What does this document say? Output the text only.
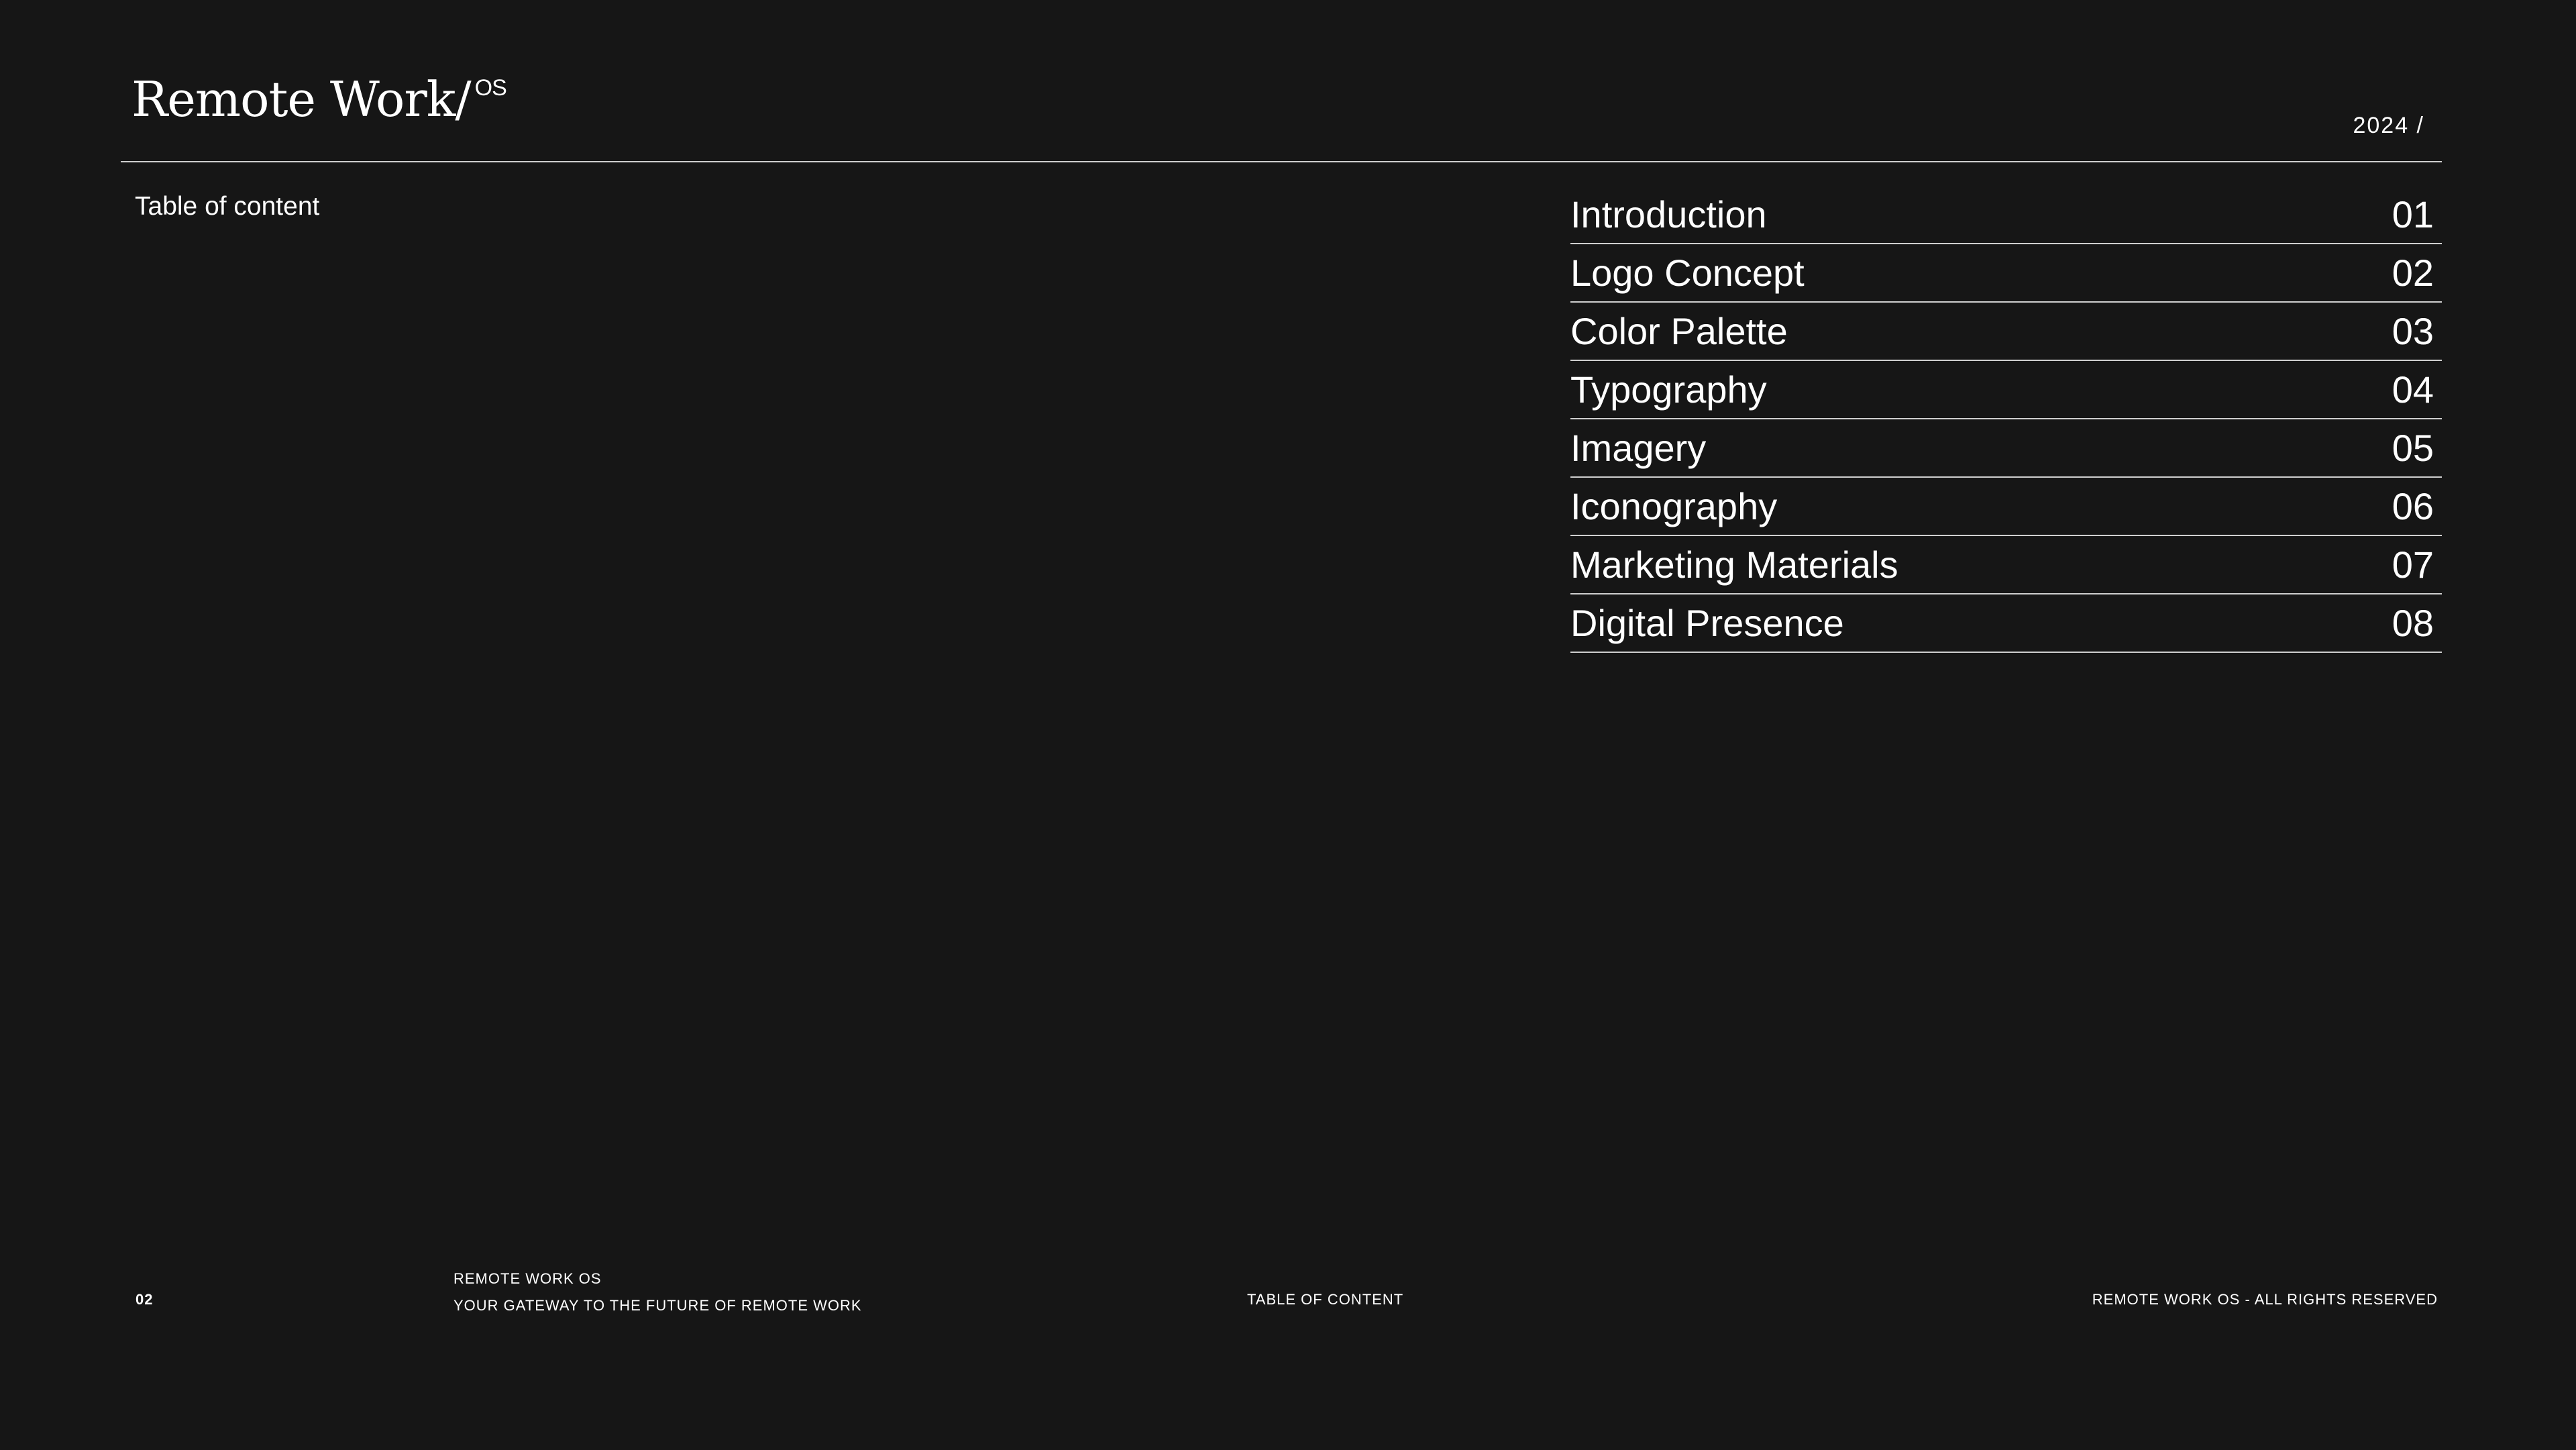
Remote Work/ $^{OS}$
2024 /
Table of content	Introduction	01
Logo Concept	02
Color Palette	03
Typography	04
Imagery	05
Iconography	06
Marketing Materials	07
Digital Presence	08
02
REMOTE WORK OS
YOUR GATEWAY TO THE FUTURE OF REMOTE WORK	TABLE OF CONTENT	REMOTE WORK OS - ALL RIGHTS RESERVED
